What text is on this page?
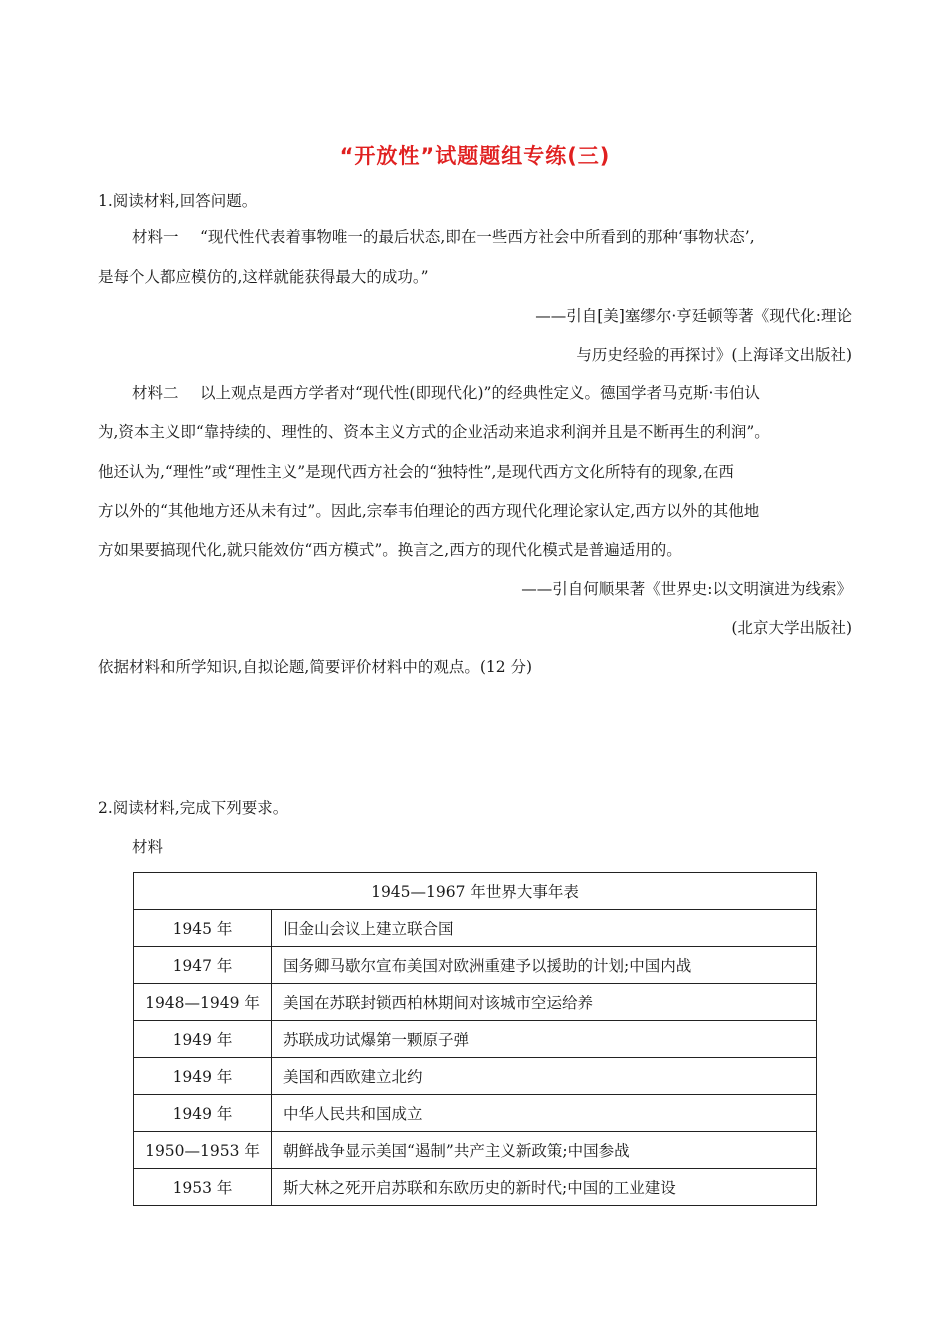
“开放性”试题题组专练(三)
1.阅读材料,回答问题。
材料一 “现代性代表着事物唯一的最后状态,即在一些西方社会中所看到的那种‘事物状态’,
是每个人都应模仿的,这样就能获得最大的成功。”
——引自[美]塞缪尔·亨廷顿等著《现代化:理论
与历史经验的再探讨》(上海译文出版社)
材料二 以上观点是西方学者对“现代性(即现代化)”的经典性定义。德国学者马克斯·韦伯认
为,资本主义即“靠持续的、理性的、资本主义方式的企业活动来追求利润并且是不断再生的利润”。
他还认为,“理性”或“理性主义”是现代西方社会的“独特性”,是现代西方文化所特有的现象,在西
方以外的“其他地方还从未有过”。因此,宗奉韦伯理论的西方现代化理论家认定,西方以外的其他地
方如果要搞现代化,就只能效仿“西方模式”。换言之,西方的现代化模式是普遍适用的。
——引自何顺果著《世界史:以文明演进为线索》
(北京大学出版社)
依据材料和所学知识,自拟论题,简要评价材料中的观点。(12 分)
2.阅读材料,完成下列要求。
材料
1945—1967 年世界大事年表	
1945 年	旧金山会议上建立联合国
1947 年	国务卿马歇尔宣布美国对欧洲重建予以援助的计划;中国内战
1948—1949 年	美国在苏联封锁西柏林期间对该城市空运给养
1949 年	苏联成功试爆第一颗原子弹
1949 年	美国和西欧建立北约
1949 年	中华人民共和国成立
1950—1953 年	朝鲜战争显示美国“遏制”共产主义新政策;中国参战
1953 年	斯大林之死开启苏联和东欧历史的新时代;中国的工业建设
